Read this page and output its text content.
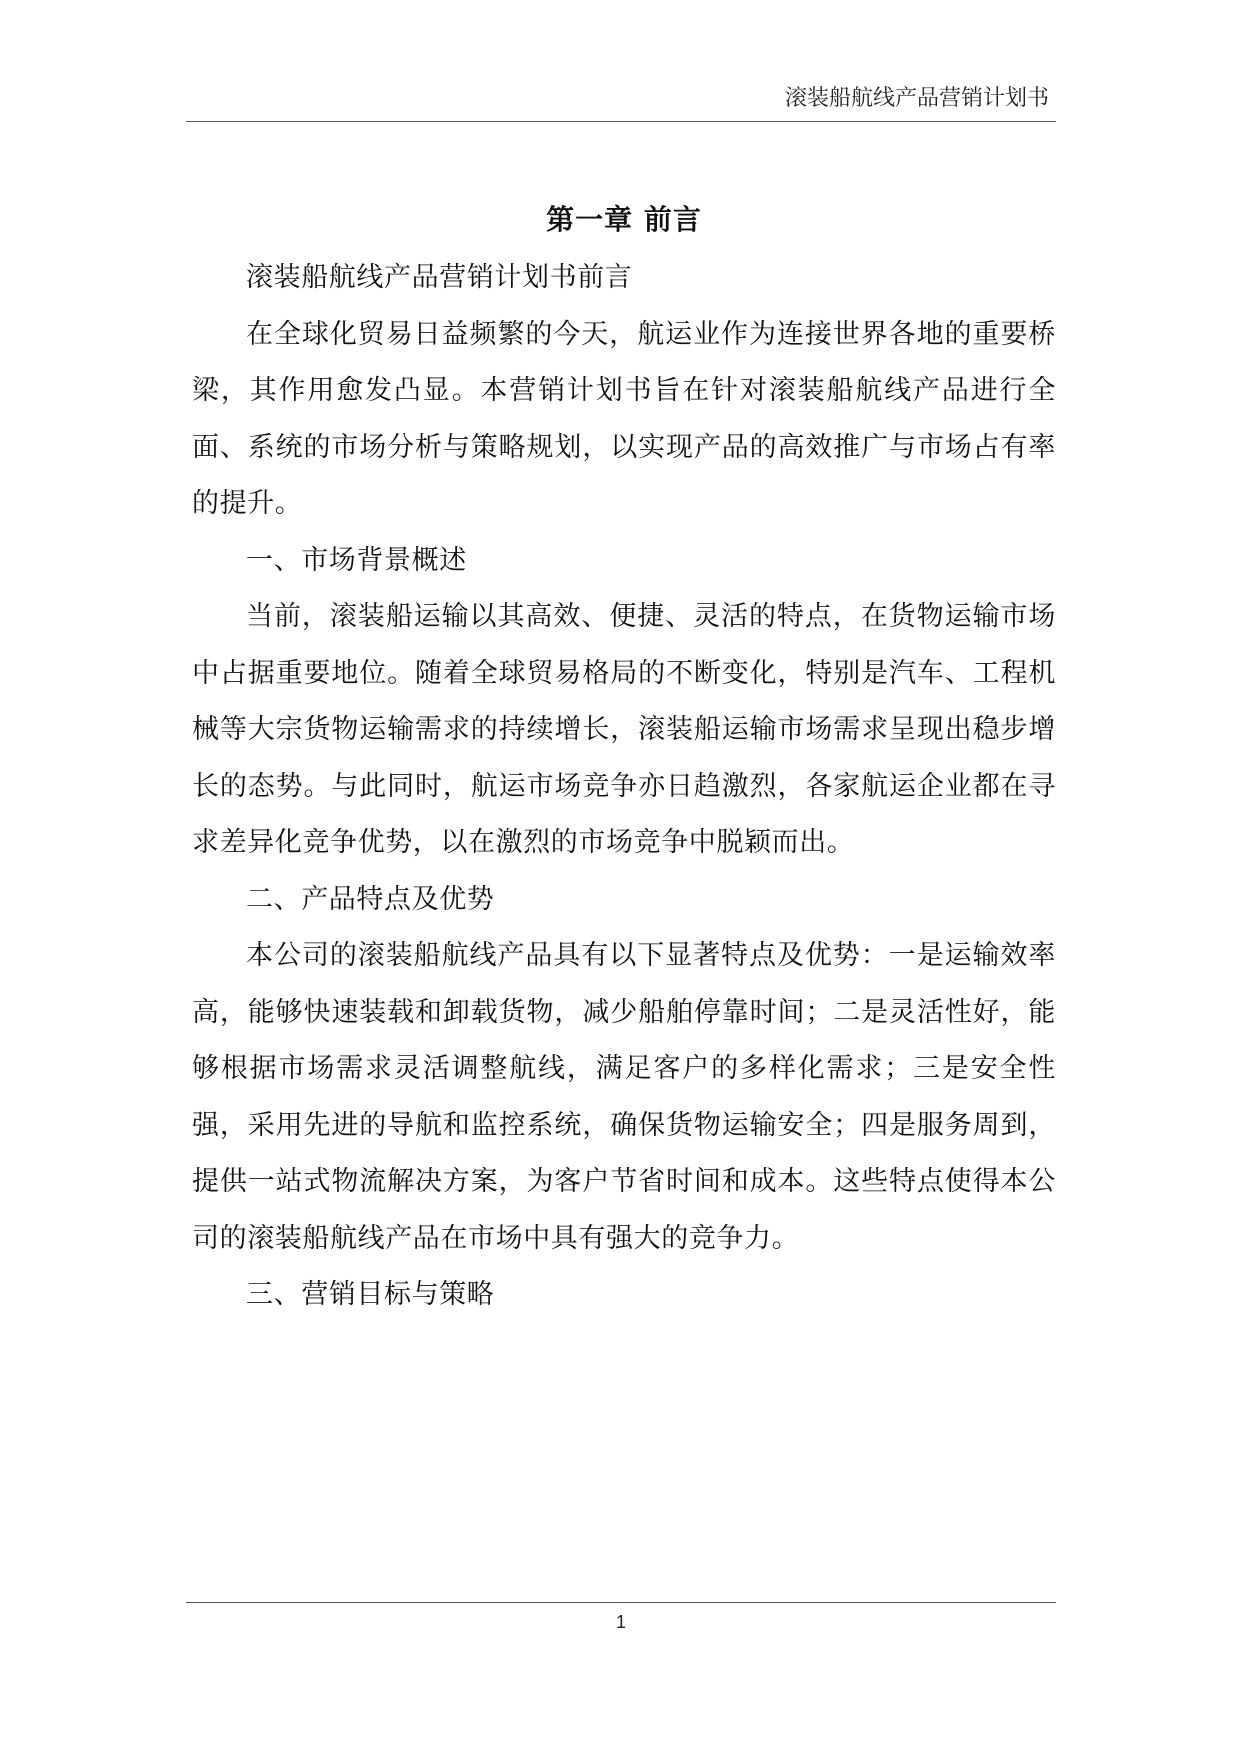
滚装船航线产品营销计划书
第一章 前言

滚装船航线产品营销计划书前言

在全球化贸易日益频繁的今天，航运业作为连接世界各地的重要桥梁，其作用愈发凸显。本营销计划书旨在针对滚装船航线产品进行全面、系统的市场分析与策略规划，以实现产品的高效推广与市场占有率的提升。

一、市场背景概述

当前，滚装船运输以其高效、便捷、灵活的特点，在货物运输市场中占据重要地位。随着全球贸易格局的不断变化，特别是汽车、工程机械等大宗货物运输需求的持续增长，滚装船运输市场需求呈现出稳步增长的态势。与此同时，航运市场竞争亦日趋激烈，各家航运企业都在寻求差异化竞争优势，以在激烈的市场竞争中脱颖而出。

二、产品特点及优势

本公司的滚装船航线产品具有以下显著特点及优势：一是运输效率高，能够快速装载和卸载货物，减少船舶停靠时间；二是灵活性好，能够根据市场需求灵活调整航线，满足客户的多样化需求；三是安全性强，采用先进的导航和监控系统，确保货物运输安全；四是服务周到，提供一站式物流解决方案，为客户节省时间和成本。这些特点使得本公司的滚装船航线产品在市场中具有强大的竞争力。

三、营销目标与策略

1
